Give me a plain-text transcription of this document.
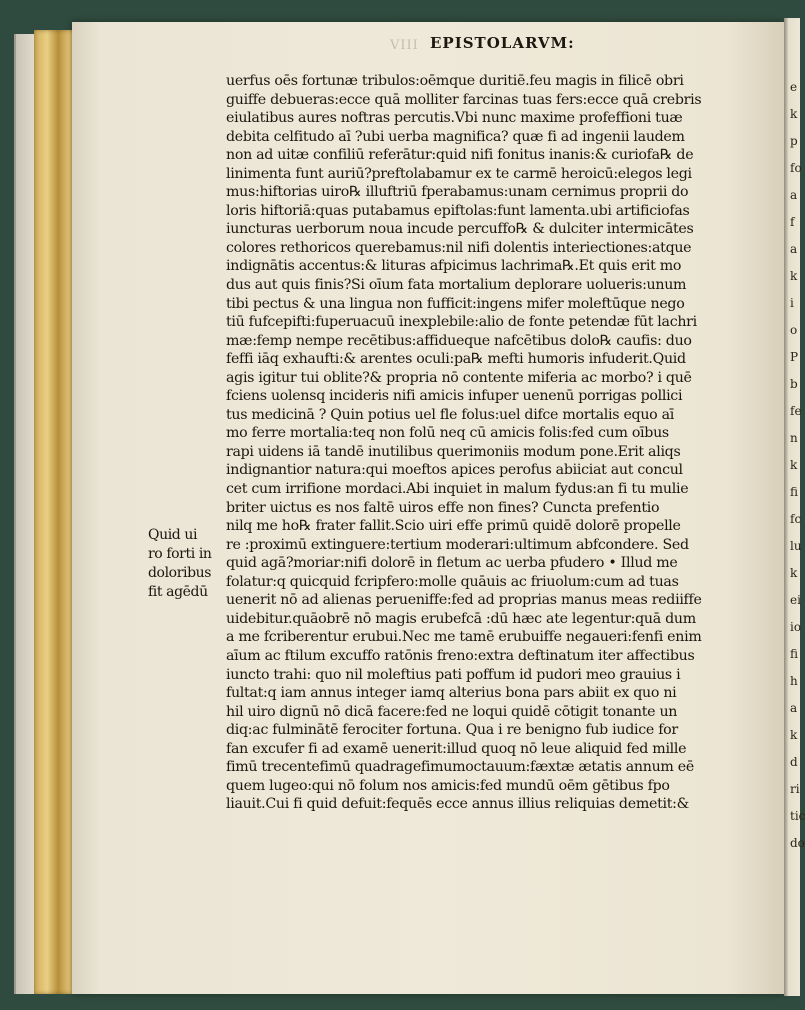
e
k
p
fo
a
f
a
k
i
o
P
b
fe
n
k
fi
fc
lu
k
ei
io
fi
h
a
k
d
ri
tic
do
VIII EPISTOLARVM:
uerfus oēs fortunæ tribulos:oēmque duritiē.feu magis in filicē obri
guiffe debueras:ecce quā molliter farcinas tuas fers:ecce quā crebris
eiulatibus aures noftras percutis.Vbi nunc maxime profeffioni tuæ
debita celfitudo aī ?ubi uerba magnifica? quæ fi ad ingenii laudem
non ad uitæ confiliū referātur:quid nifi fonitus inanis:& curiofa℞ de
linimenta funt auriū?preftolabamur ex te carmē heroicū:elegos legi
mus:hiftorias uiro℞ illuftriū fperabamus:unam cernimus proprii do
loris hiftoriā:quas putabamus epiftolas:funt lamenta.ubi artificiofas
iuncturas uerborum noua incude percuffo℞ & dulciter intermicātes
colores rethoricos querebamus:nil nifi dolentis interiectiones:atque
indignātis accentus:& lituras afpicimus lachrima℞.Et quis erit mo
dus aut quis finis?Si oīum fata mortalium deplorare uolueris:unum
tibi pectus & una lingua non fufficit:ingens mifer moleftūque nego
tiū fufcepifti:fuperuacuū inexplebile:alio de fonte petendæ fūt lachri
mæ:femp nempe recētibus:affidueque nafcētibus dolo℞ caufis: duo
feffi iāq exhaufti:& arentes oculi:pa℞ mefti humoris infuderit.Quid
agis igitur tui oblite?& propria nō contente miferia ac morbo? i quē
fciens uolensq incideris nifi amicis infuper uenenū porrigas pollici
tus medicinā ? Quin potius uel fle folus:uel difce mortalis equo aī
mo ferre mortalia:teq non folū neq cū amicis folis:fed cum oībus
rapi uidens iā tandē inutilibus querimoniis modum pone.Erit aliqs
indignantior natura:qui moeftos apices perofus abiiciat aut concul
cet cum irrifione mordaci.Abi inquiet in malum fydus:an fi tu mulie
briter uictus es nos faltē uiros effe non fines? Cuncta prefentio
nilq me ho℞ frater fallit.Scio uiri effe primū quidē dolorē propelle
re :proximū extinguere:tertium moderari:ultimum abfcondere. Sed
quid agā?moriar:nifi dolorē in fletum ac uerba pfudero • Illud me
folatur:q quicquid fcripfero:molle quāuis ac friuolum:cum ad tuas
uenerit nō ad alienas perueniffe:fed ad proprias manus meas rediiffe
uidebitur.quāobrē nō magis erubefcā :dū hæc ate legentur:quā dum
a me fcriberentur erubui.Nec me tamē erubuiffe negaueri:fenfi enim
aīum ac ftilum excuffo ratōnis freno:extra deftinatum iter affectibus
iuncto trahi: quo nil moleftius pati poffum id pudori meo grauius i
fultat:q iam annus integer iamq alterius bona pars abiit ex quo ni
hil uiro dignū nō dicā facere:fed ne loqui quidē cōtigit tonante un
diq:ac fulminātē ferociter fortuna. Qua i re benigno fub iudice for
fan excufer fi ad examē uenerit:illud quoq nō leue aliquid fed mille
fimū trecentefimū quadragefimumoctauum:fæxtæ ætatis annum eē
quem lugeo:qui nō folum nos amicis:fed mundū oēm gētibus fpo
liauit.Cui fi quid defuit:fequēs ecce annus illius reliquias demetit:&
Quid ui
ro forti in
doloribus
fit agēdū
